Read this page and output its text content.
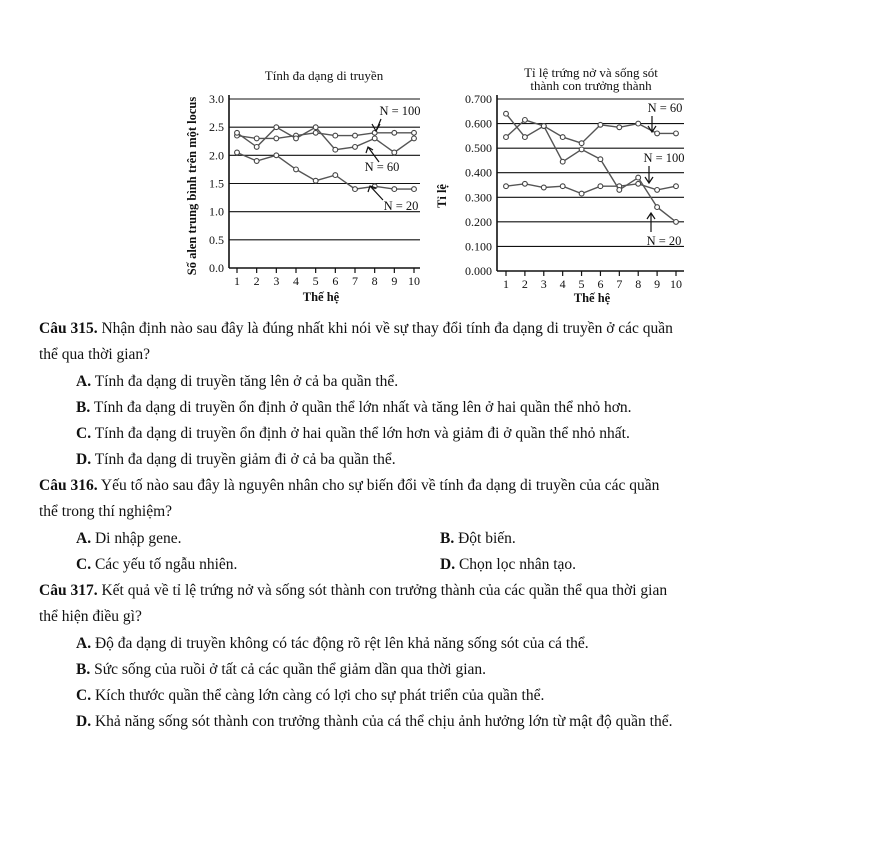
Tính đa dạng di truyền
Số alen trung bình trên một locus
Thế hệ
0.0
0.5
1.0
1.5
2.0
2.5
3.0
1 2 3 4 5 6 7 8 9 10
N = 100
N = 60
N = 20
Tỉ lệ trứng nở và sống sót
thành con trưởng thành
Tỉ lệ
Thế hệ
0.000
0.100
0.200
0.300
0.400
0.500
0.600
0.700
1 2 3 4 5 6 7 8 9 10
N = 60
N = 100
N = 20
Câu 315. Nhận định nào sau đây là đúng nhất khi nói về sự thay đổi tính đa dạng di truyền ở các quần
thể qua thời gian?
A. Tính đa dạng di truyền tăng lên ở cả ba quần thể.
B. Tính đa dạng di truyền ổn định ở quần thể lớn nhất và tăng lên ở hai quần thể nhỏ hơn.
C. Tính đa dạng di truyền ổn định ở hai quần thể lớn hơn và giảm đi ở quần thể nhỏ nhất.
D. Tính đa dạng di truyền giảm đi ở cả ba quần thể.
Câu 316. Yếu tố nào sau đây là nguyên nhân cho sự biến đổi về tính đa dạng di truyền của các quần
thể trong thí nghiệm?
A. Di nhập gene.	B. Đột biến.
C. Các yếu tố ngẫu nhiên.	D. Chọn lọc nhân tạo.
Câu 317. Kết quả về tỉ lệ trứng nở và sống sót thành con trưởng thành của các quần thể qua thời gian
thể hiện điều gì?
A. Độ đa dạng di truyền không có tác động rõ rệt lên khả năng sống sót của cá thể.
B. Sức sống của ruồi ở tất cả các quần thể giảm dần qua thời gian.
C. Kích thước quần thể càng lớn càng có lợi cho sự phát triển của quần thể.
D. Khả năng sống sót thành con trưởng thành của cá thể chịu ảnh hưởng lớn từ mật độ quần thể.
